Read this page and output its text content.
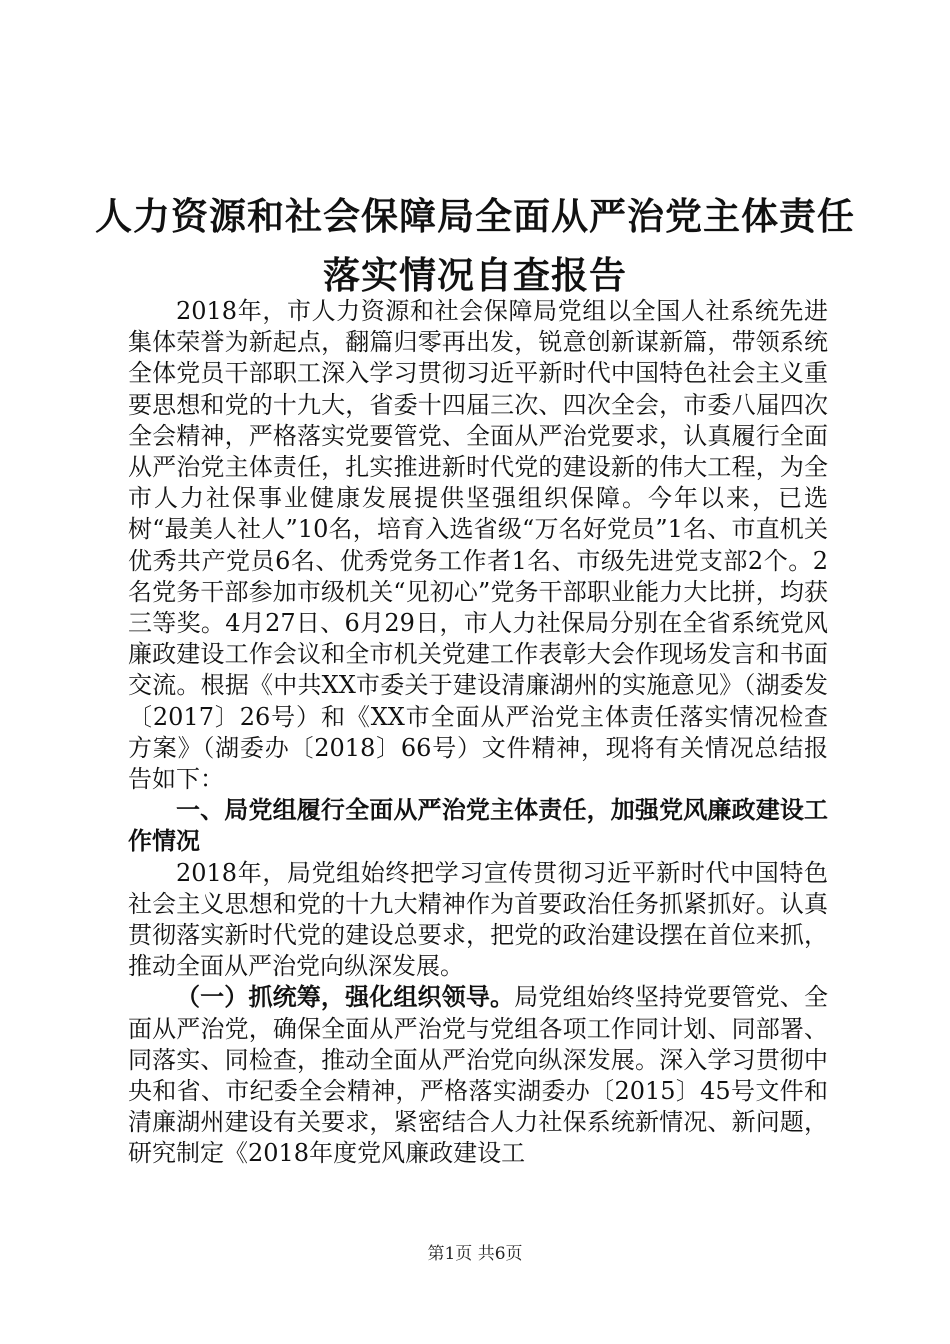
人力资源和社会保障局全面从严治党主体责任
落实情况自查报告

2018年，市人力资源和社会保障局党组以全国人社系统先进集体荣誉为新起点，翻篇归零再出发，锐意创新谋新篇，带领系统全体党员干部职工深入学习贯彻习近平新时代中国特色社会主义重要思想和党的十九大，省委十四届三次、四次全会，市委八届四次全会精神，严格落实党要管党、全面从严治党要求，认真履行全面从严治党主体责任，扎实推进新时代党的建设新的伟大工程，为全市人力社保事业健康发展提供坚强组织保障。今年以来，已选树“最美人社人”10名，培育入选省级“万名好党员”1名、市直机关优秀共产党员6名、优秀党务工作者1名、市级先进党支部2个。2名党务干部参加市级机关“见初心”党务干部职业能力大比拼，均获三等奖。4月27日、6月29日，市人力社保局分别在全省系统党风廉政建设工作会议和全市机关党建工作表彰大会作现场发言和书面交流。根据《中共XX市委关于建设清廉湖州的实施意见》（湖委发〔2017〕26号）和《XX市全面从严治党主体责任落实情况检查方案》（湖委办〔2018〕66号）文件精神，现将有关情况总结报告如下：

一、局党组履行全面从严治党主体责任，加强党风廉政建设工作情况

2018年，局党组始终把学习宣传贯彻习近平新时代中国特色社会主义思想和党的十九大精神作为首要政治任务抓紧抓好。认真贯彻落实新时代党的建设总要求，把党的政治建设摆在首位来抓，推动全面从严治党向纵深发展。

（一）抓统筹，强化组织领导。局党组始终坚持党要管党、全面从严治党，确保全面从严治党与党组各项工作同计划、同部署、同落实、同检查，推动全面从严治党向纵深发展。深入学习贯彻中央和省、市纪委全会精神，严格落实湖委办〔2015〕45号文件和清廉湖州建设有关要求，紧密结合人力社保系统新情况、新问题，研究制定《2018年度党风廉政建设工

第1页 共6页
